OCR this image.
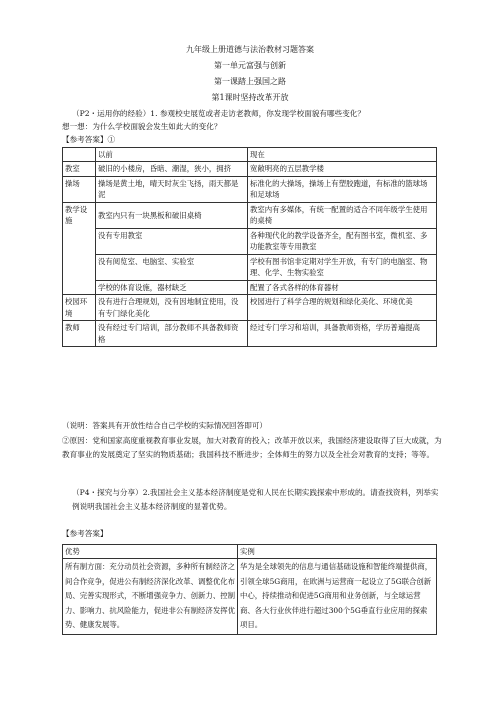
九年级上册道德与法治教材习题答案
第一单元富强与创新
第一课踏上强国之路
第1课时坚持改革开放
（P2・运用你的经验）1. 参观校史展览或者走访老教师，你发现学校面貌有哪些变化？
想一想：为什么学校面貌会发生如此大的变化？
【参考答案】①
	以前	现在
教室	破旧的小楼房，昏暗、潮湿，狭小，拥挤	宽敞明亮的五层教学楼
操场	操场是黄土地，晴天时灰尘飞扬，雨天都是泥	标准化的大操场，操场上有塑胶跑道，有标准的篮球场和足球场
教学设施	教室内只有一块黑板和破旧桌椅	教室内有多媒体，有统一配置的适合不同年级学生使用的桌椅
	没有专用教室	各种现代化的教学设备齐全，配有图书室，微机室、多功能教室等专用教室
	没有阅览室、电脑室、实验室	学校有图书馆非定期对学生开放，有专门的电脑室、物理、化学、生物实验室
	学校的体育设施，器材缺乏	配置了各式各样的体育器材
校园环境	没有进行合理规划，没有因地制宜使用，没有专门绿化美化	校园进行了科学合理的规划和绿化美化、环境优美
教师	没有经过专门培训，部分教师不具备教师资格	经过专门学习和培训，具备教师资格，学历普遍提高
（说明：答案具有开放性结合自己学校的实际情况回答即可）
②原因：党和国家高度重视教育事业发展，加大对教育的投入；改革开放以来，我国经济建设取得了巨大成就，为教育事业的发展奠定了坚实的物质基础；我国科技不断进步；全体师生的努力以及全社会对教育的支持；等等。
（P4・探究与分享）2.我国社会主义基本经济制度是党和人民在长期实践探索中形成的。请查找资料，列举实例说明我国社会主义基本经济制度的显著优势。
【参考答案】
优势	实例
所有制方面：充分动员社会资源，多种所有制经济之间合作竞争，促进公有制经济深化改革、调整优化布局、完善实现形式，不断增强竞争力、创新力、控制力、影响力、抗风险能力，促进非公有制经济发挥优势、健康发展等。	华为是全球领先的信息与通信基础设施和智能终端提供商，引领全球5G商用，在欧洲与运营商一起设立了5G联合创新中心，持续推动和促进5G商用和业务创新，与全球运营商、各大行业伙伴进行超过300个5G垂直行业应用的探索项目。
